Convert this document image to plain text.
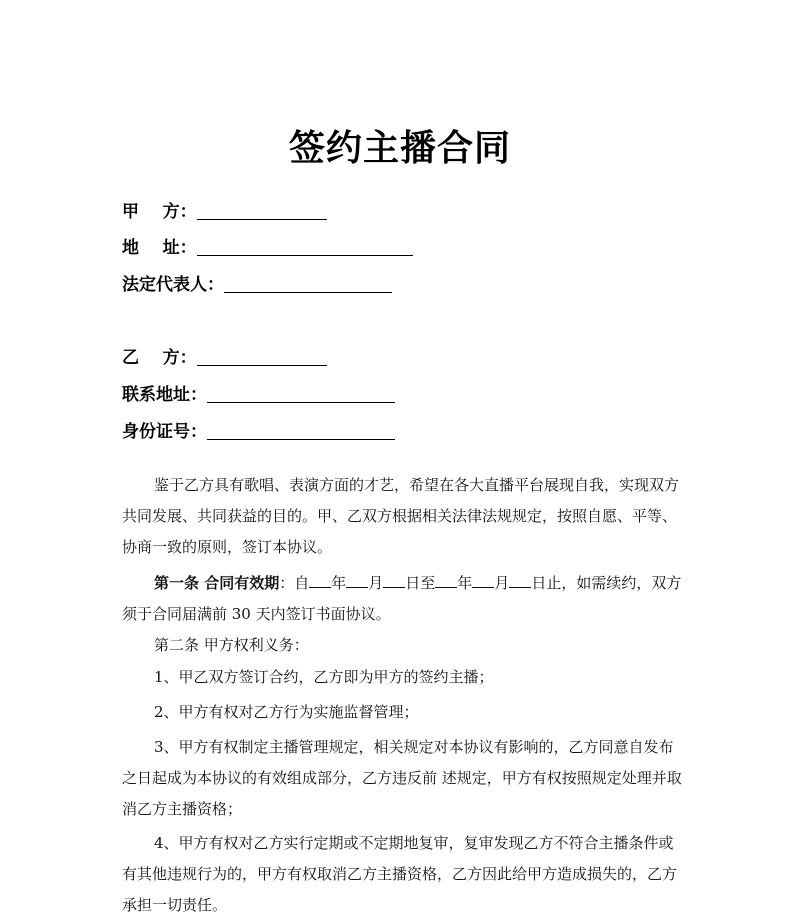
签约主播合同
甲    方：
地    址：
法定代表人：
乙    方：
联系地址：
身份证号：

鉴于乙方具有歌唱、表演方面的才艺，希望在各大直播平台展现自我，实现双方共同发展、共同获益的目的。甲、乙双方根据相关法律法规规定，按照自愿、平等、协商一致的原则，签订本协议。

第一条 合同有效期：自 年 月 日至 年 月 日止，如需续约，双方须于合同届满前 30 天内签订书面协议。

第二条 甲方权利义务：

1、甲乙双方签订合约，乙方即为甲方的签约主播；

2、甲方有权对乙方行为实施监督管理；

3、甲方有权制定主播管理规定，相关规定对本协议有影响的，乙方同意自发布之日起成为本协议的有效组成部分，乙方违反前 述规定，甲方有权按照规定处理并取消乙方主播资格；

4、甲方有权对乙方实行定期或不定期地复审，复审发现乙方不符合主播条件或有其他违规行为的，甲方有权取消乙方主播资格，乙方因此给甲方造成损失的，乙方承担一切责任。
